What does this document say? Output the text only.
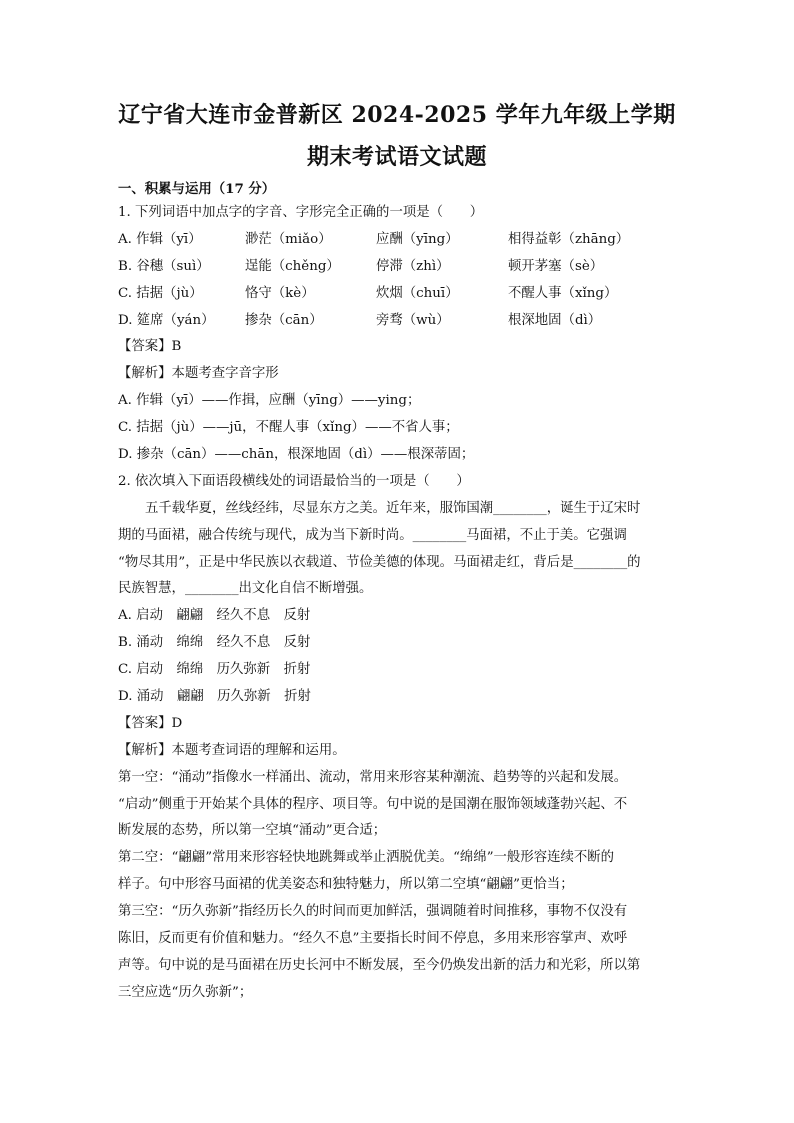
辽宁省大连市金普新区 2024-2025 学年九年级上学期
期末考试语文试题
一、积累与运用（17 分）
1. 下列词语中加点字的字音、字形完全正确的一项是（　　）
A. 作辑（yī）	渺茫（miǎo）	应酬（yīng）	相得益彰（zhāng）
B. 谷穗（suì）	逞能（chěng）	停滞（zhì）	顿开茅塞（sè）
C. 拮据（jù）	恪守（kè）	炊烟（chuī）	不醒人事（xǐng）
D. 筵席（yán） 掺杂（cān）	旁骛（wù）	根深地固（dì）
【答案】B
【解析】本题考查字音字形
A. 作辑（yī）——作揖，应酬（yīng）——ying；
C. 拮据（jù）——jū，不醒人事（xǐng）——不省人事；
D. 掺杂（cān）——chān，根深地固（dì）——根深蒂固；
2. 依次填入下面语段横线处的词语最恰当的一项是（　　）
五千载华夏，丝线经纬，尽显东方之美。近年来，服饰国潮________，诞生于辽宋时
期的马面裙，融合传统与现代，成为当下新时尚。________马面裙，不止于美。它强调
“物尽其用”，正是中华民族以衣载道、节俭美德的体现。马面裙走红，背后是________的
民族智慧，________出文化自信不断增强。
A. 启动　翩翩　经久不息　反射
B. 涌动　绵绵　经久不息　反射
C. 启动　绵绵　历久弥新　折射
D. 涌动　翩翩　历久弥新　折射
【答案】D
【解析】本题考查词语的理解和运用。
第一空：“涌动”指像水一样涌出、流动，常用来形容某种潮流、趋势等的兴起和发展。
“启动”侧重于开始某个具体的程序、项目等。句中说的是国潮在服饰领域蓬勃兴起、不
断发展的态势，所以第一空填“涌动”更合适；
第二空：“翩翩”常用来形容轻快地跳舞或举止洒脱优美。“绵绵”一般形容连续不断的
样子。句中形容马面裙的优美姿态和独特魅力，所以第二空填“翩翩”更恰当；
第三空：“历久弥新”指经历长久的时间而更加鲜活，强调随着时间推移，事物不仅没有
陈旧，反而更有价值和魅力。“经久不息”主要指长时间不停息，多用来形容掌声、欢呼
声等。句中说的是马面裙在历史长河中不断发展，至今仍焕发出新的活力和光彩，所以第
三空应选“历久弥新”；
